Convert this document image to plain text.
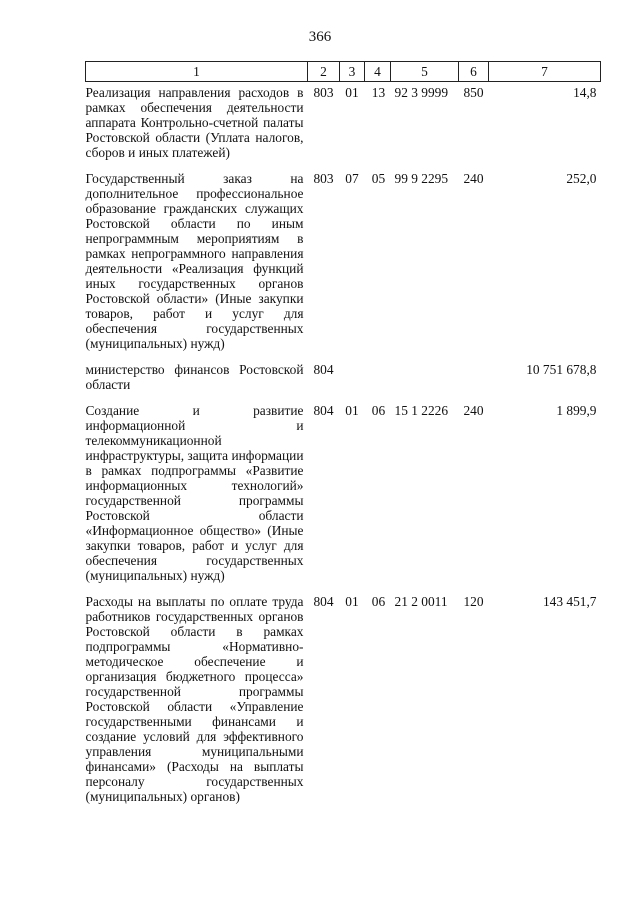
366
1	2	3	4	5	6	7
Реализация направления расходов в рамках обеспечения деятельности аппарата Контрольно-счетной палаты Ростовской области (Уплата налогов, сборов и иных платежей)	803	01	13	92 3 9999	850	14,8
Государственный заказ на дополнительное профессиональное образование гражданских служащих Ростовской области по иным непрограммным мероприятиям в рамках непрограммного направления деятельности «Реализация функций иных государственных органов Ростовской области» (Иные закупки товаров, работ и услуг для обеспечения государственных (муниципальных) нужд)	803	07	05	99 9 2295	240	252,0
министерство финансов Ростовской области	804					10 751 678,8
Создание и развитие информационной и телекоммуникационной инфраструктуры, защита информации в рамках подпрограммы «Развитие информационных технологий» государственной программы Ростовской области «Информационное общество» (Иные закупки товаров, работ и услуг для обеспечения государственных (муниципальных) нужд)	804	01	06	15 1 2226	240	1 899,9
Расходы на выплаты по оплате труда работников государственных органов Ростовской области в рамках подпрограммы «Нормативно-методическое обеспечение и организация бюджетного процесса» государственной программы Ростовской области «Управление государственными финансами и создание условий для эффективного управления муниципальными финансами» (Расходы на выплаты персоналу государственных (муниципальных) органов)	804	01	06	21 2 0011	120	143 451,7
